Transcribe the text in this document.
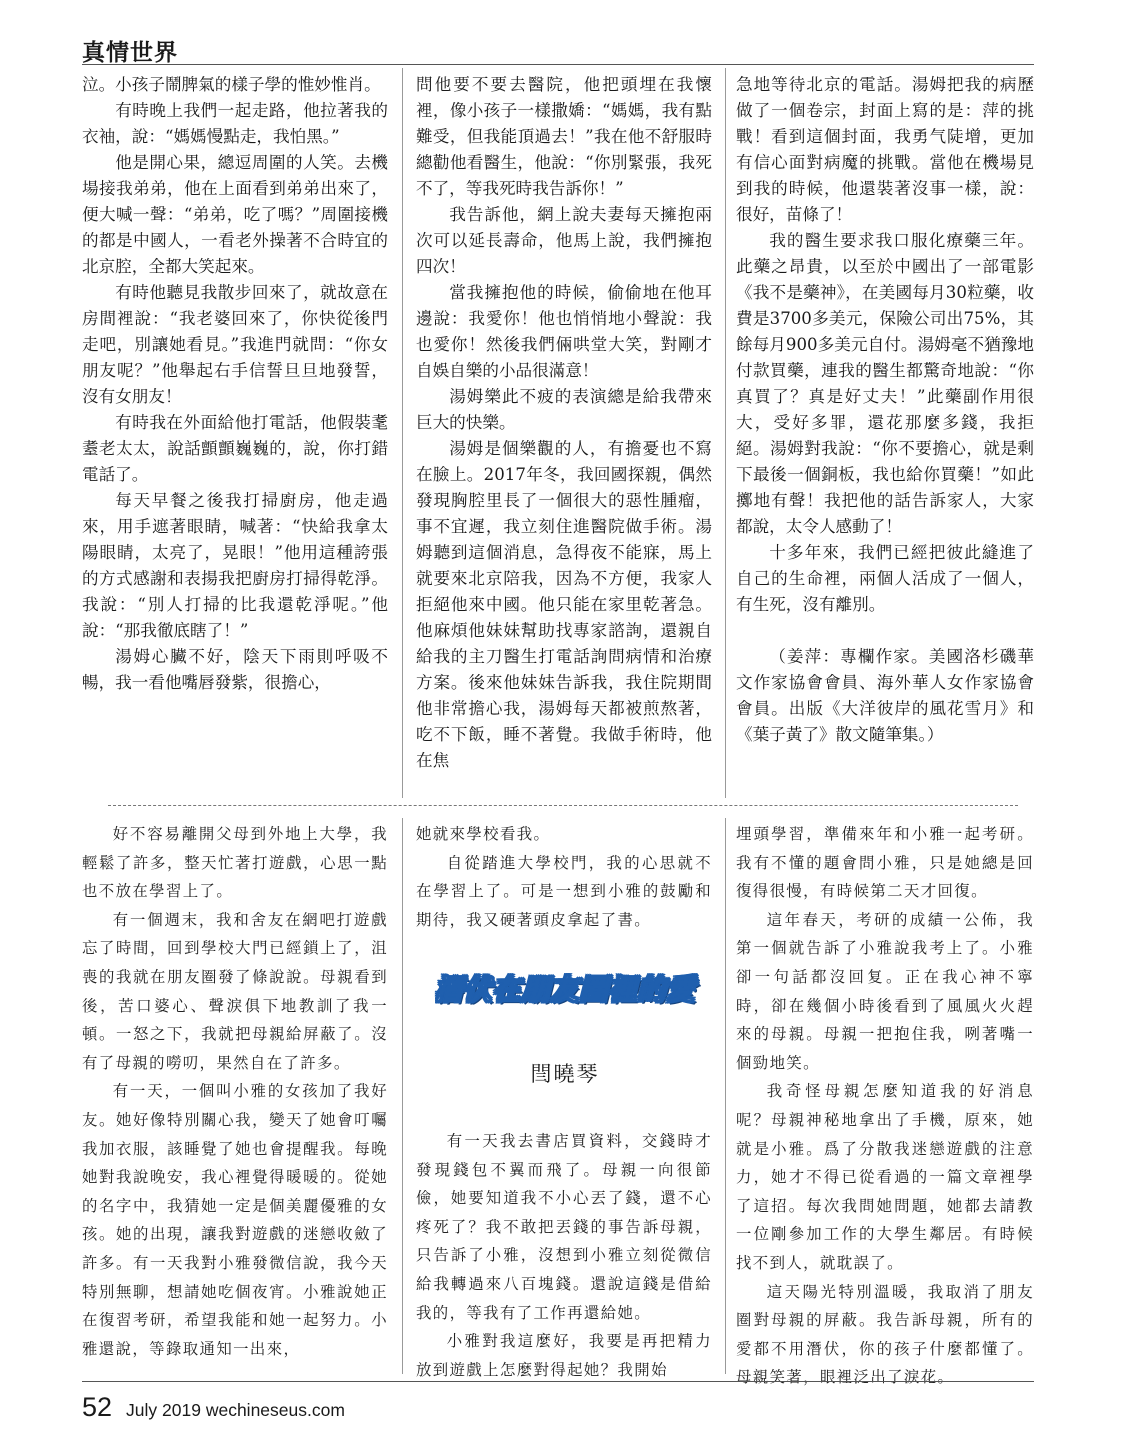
真情世界

泣。小孩子鬧脾氣的樣子學的惟妙惟肖。

有時晚上我們一起走路，他拉著我的衣袖，說：“媽媽慢點走，我怕黑。”

他是開心果，總逗周圍的人笑。去機場接我弟弟，他在上面看到弟弟出來了，便大喊一聲：“弟弟，吃了嗎？”周圍接機的都是中國人，一看老外操著不合時宜的北京腔，全都大笑起來。

有時他聽見我散步回來了，就故意在房間裡說：“我老婆回來了，你快從後門走吧，別讓她看見。”我進門就問：“你女朋友呢？”他舉起右手信誓旦旦地發誓，沒有女朋友！

有時我在外面給他打電話，他假裝耄耋老太太，說話顫顫巍巍的，說，你打錯電話了。

每天早餐之後我打掃廚房，他走過來，用手遮著眼睛，喊著：“快給我拿太陽眼睛，太亮了，晃眼！”他用這種誇張的方式感謝和表揚我把廚房打掃得乾淨。我說：“別人打掃的比我還乾淨呢。”他說：“那我徹底瞎了！”

湯姆心臟不好，陰天下雨則呼吸不暢，我一看他嘴唇發紫，很擔心，

問他要不要去醫院，他把頭埋在我懷裡，像小孩子一樣撒嬌：“媽媽，我有點難受，但我能頂過去！”我在他不舒服時總勸他看醫生，他說：“你別緊張，我死不了，等我死時我告訴你！”

我告訴他，網上說夫妻每天擁抱兩次可以延長壽命，他馬上說，我們擁抱四次！

當我擁抱他的時候，偷偷地在他耳邊說：我愛你！他也悄悄地小聲說：我也愛你！然後我們倆哄堂大笑，對剛才自娛自樂的小品很滿意！

湯姆樂此不疲的表演總是給我帶來巨大的快樂。

湯姆是個樂觀的人，有擔憂也不寫在臉上。2017年冬，我回國探親，偶然發現胸腔里長了一個很大的惡性腫瘤，事不宜遲，我立刻住進醫院做手術。湯姆聽到這個消息，急得夜不能寐，馬上就要來北京陪我，因為不方便，我家人拒絕他來中國。他只能在家里乾著急。他麻煩他妹妹幫助找專家諮詢，還親自給我的主刀醫生打電話詢問病情和治療方案。後來他妹妹告訴我，我住院期間他非常擔心我，湯姆每天都被煎熬著，吃不下飯，睡不著覺。我做手術時，他在焦

急地等待北京的電話。湯姆把我的病歷做了一個卷宗，封面上寫的是：萍的挑戰！看到這個封面，我勇气陡增，更加有信心面對病魔的挑戰。當他在機場見到我的時候，他還裝著沒事一樣，說：很好，苗條了！

我的醫生要求我口服化療藥三年。此藥之昂貴，以至於中國出了一部電影《我不是藥神》，在美國每月30粒藥，收費是3700多美元，保險公司出75%，其餘每月900多美元自付。湯姆毫不猶豫地付款買藥，連我的醫生都驚奇地說：“你真買了？真是好丈夫！”此藥副作用很大，受好多罪，還花那麼多錢，我拒絕。湯姆對我說：“你不要擔心，就是剩下最後一個銅板，我也給你買藥！”如此擲地有聲！我把他的話告訴家人，大家都說，太令人感動了！

十多年來，我們已經把彼此縫進了自己的生命裡，兩個人活成了一個人，有生死，沒有離別。

（姜萍：專欄作家。美國洛杉磯華文作家協會會員、海外華人女作家協會會員。出版《大洋彼岸的風花雪月》和《葉子黃了》散文隨筆集。）

好不容易離開父母到外地上大學，我輕鬆了許多，整天忙著打遊戲，心思一點也不放在學習上了。

有一個週末，我和舍友在網吧打遊戲忘了時間，回到學校大門已經鎖上了，沮喪的我就在朋友圈發了條說說。母親看到後，苦口婆心、聲淚俱下地教訓了我一頓。一怒之下，我就把母親給屏蔽了。沒有了母親的嘮叨，果然自在了許多。

有一天，一個叫小雅的女孩加了我好友。她好像特別關心我，變天了她會叮囑我加衣服，該睡覺了她也會提醒我。每晚她對我說晚安，我心裡覺得暖暖的。從她的名字中，我猜她一定是個美麗優雅的女孩。她的出現，讓我對遊戲的迷戀收斂了許多。有一天我對小雅發微信說，我今天特別無聊，想請她吃個夜宵。小雅說她正在復習考研，希望我能和她一起努力。小雅還說，等錄取通知一出來，

她就來學校看我。

自從踏進大學校門，我的心思就不在學習上了。可是一想到小雅的鼓勵和期待，我又硬著頭皮拿起了書。

潛伏在朋友圈裡的愛
閆曉琴

有一天我去書店買資料，交錢時才發現錢包不翼而飛了。母親一向很節儉，她要知道我不小心丟了錢，還不心疼死了？我不敢把丟錢的事告訴母親，只告訴了小雅，沒想到小雅立刻從微信給我轉過來八百塊錢。還說這錢是借給我的，等我有了工作再還給她。

小雅對我這麼好，我要是再把精力放到遊戲上怎麼對得起她？我開始

埋頭學習，準備來年和小雅一起考研。我有不懂的題會問小雅，只是她總是回復得很慢，有時候第二天才回復。

這年春天，考研的成績一公佈，我第一個就告訴了小雅說我考上了。小雅卻一句話都沒回复。正在我心神不寧時，卻在幾個小時後看到了風風火火趕來的母親。母親一把抱住我，咧著嘴一個勁地笑。

我奇怪母親怎麼知道我的好消息呢？母親神秘地拿出了手機，原來，她就是小雅。爲了分散我迷戀遊戲的注意力，她才不得已從看過的一篇文章裡學了這招。每次我問她問題，她都去請教一位剛參加工作的大學生鄰居。有時候找不到人，就耽誤了。

這天陽光特別溫暖，我取消了朋友圈對母親的屏蔽。我告訴母親，所有的愛都不用潛伏，你的孩子什麼都懂了。母親笑著，眼裡泛出了淚花。

52 July 2019 wechineseus.com
